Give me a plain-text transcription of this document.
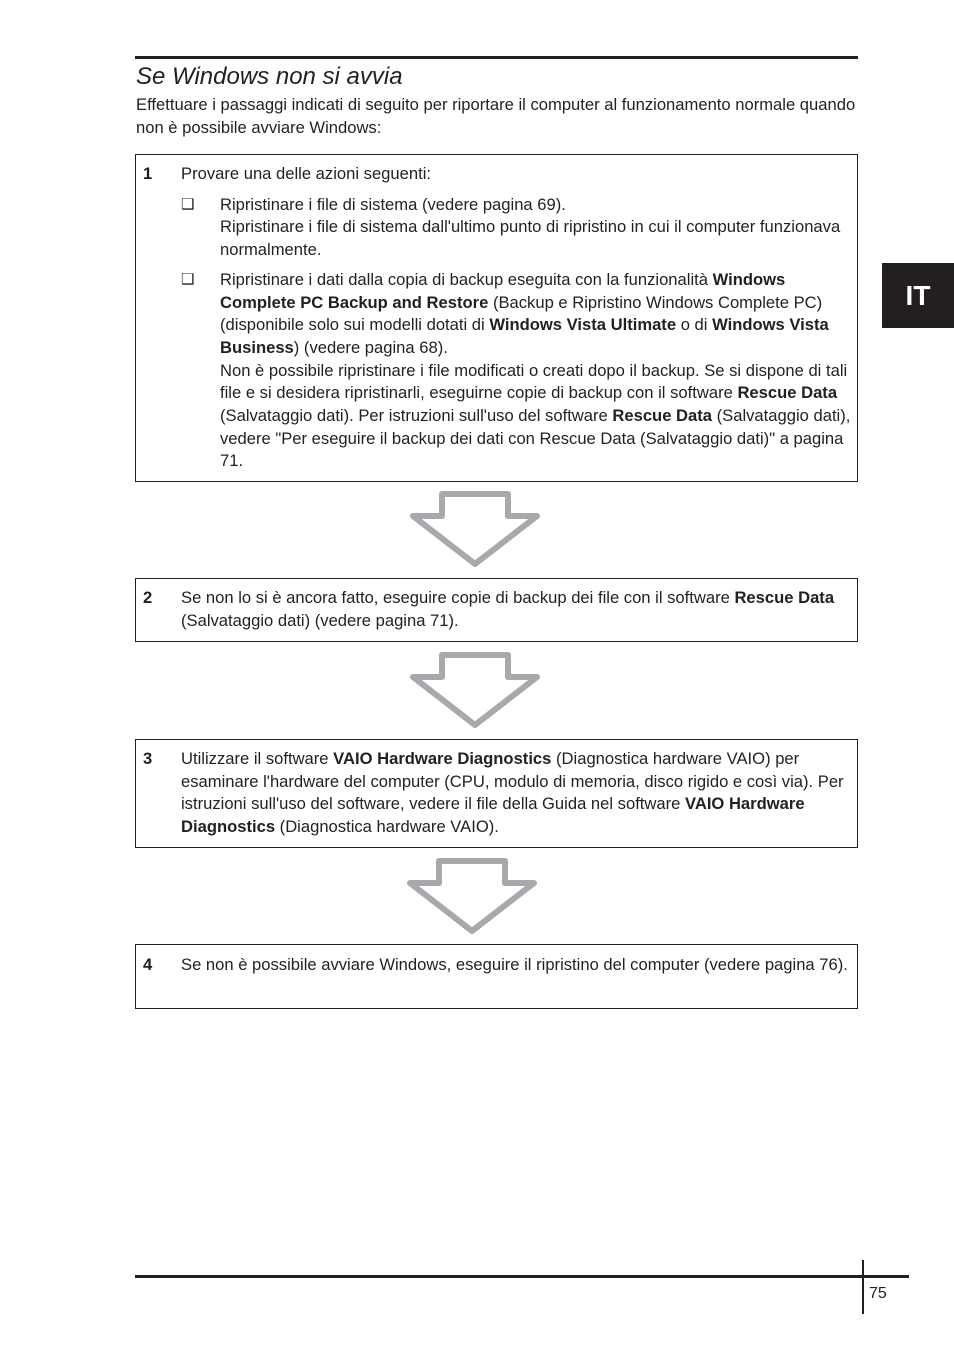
Se Windows non si avvia

Effettuare i passaggi indicati di seguito per riportare il computer al funzionamento normale quando non è possibile avviare Windows:

1 Provare una delle azioni seguenti:
❑ Ripristinare i file di sistema (vedere pagina 69).
Ripristinare i file di sistema dall'ultimo punto di ripristino in cui il computer funzionava normalmente.
❑ Ripristinare i dati dalla copia di backup eseguita con la funzionalità Windows Complete PC Backup and Restore (Backup e Ripristino Windows Complete PC) (disponibile solo sui modelli dotati di Windows Vista Ultimate o di Windows Vista Business) (vedere pagina 68).
Non è possibile ripristinare i file modificati o creati dopo il backup. Se si dispone di tali file e si desidera ripristinarli, eseguirne copie di backup con il software Rescue Data (Salvataggio dati). Per istruzioni sull'uso del software Rescue Data (Salvataggio dati), vedere "Per eseguire il backup dei dati con Rescue Data (Salvataggio dati)" a pagina 71.
2 Se non lo si è ancora fatto, eseguire copie di backup dei file con il software Rescue Data (Salvataggio dati) (vedere pagina 71).
3 Utilizzare il software VAIO Hardware Diagnostics (Diagnostica hardware VAIO) per esaminare l'hardware del computer (CPU, modulo di memoria, disco rigido e così via). Per istruzioni sull'uso del software, vedere il file della Guida nel software VAIO Hardware Diagnostics (Diagnostica hardware VAIO).
4 Se non è possibile avviare Windows, eseguire il ripristino del computer (vedere pagina 76).
IT
75
